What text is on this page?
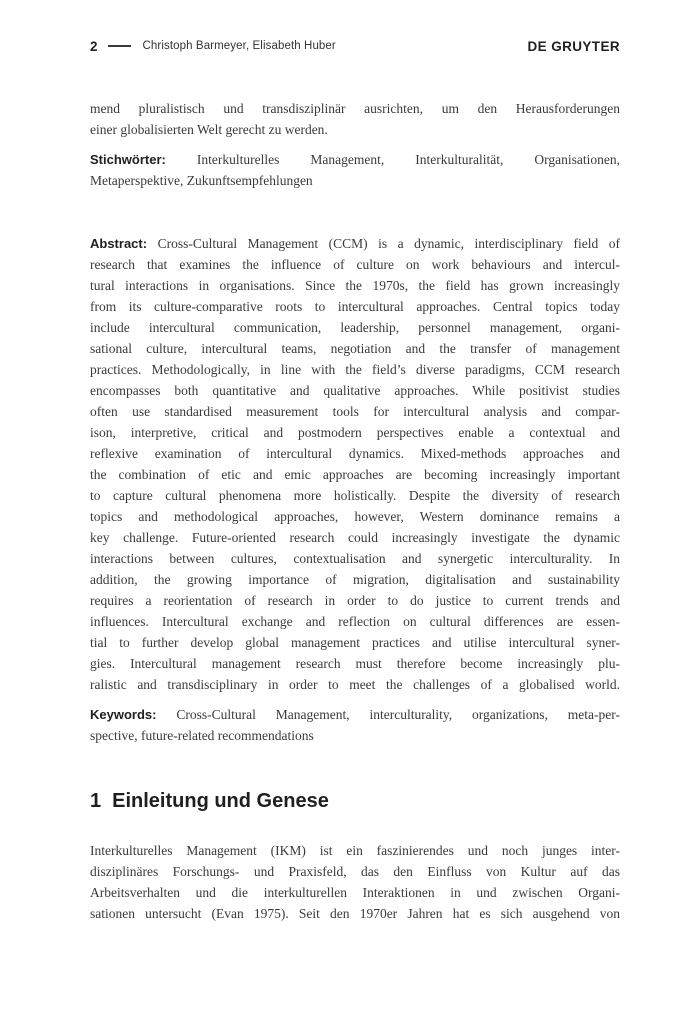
2	Christoph Barmeyer, Elisabeth Huber	DE GRUYTER
mend pluralistisch und transdisziplinär ausrichten, um den Herausforderungen
einer globalisierten Welt gerecht zu werden.
Stichwörter: Interkulturelles Management, Interkulturalität, Organisationen,
Metaperspektive, Zukunftsempfehlungen
Abstract: Cross-Cultural Management (CCM) is a dynamic, interdisciplinary field of
research that examines the influence of culture on work behaviours and intercul-
tural interactions in organisations. Since the 1970s, the field has grown increasingly
from its culture-comparative roots to intercultural approaches. Central topics today
include intercultural communication, leadership, personnel management, organi-
sational culture, intercultural teams, negotiation and the transfer of management
practices. Methodologically, in line with the field’s diverse paradigms, CCM research
encompasses both quantitative and qualitative approaches. While positivist studies
often use standardised measurement tools for intercultural analysis and compar-
ison, interpretive, critical and postmodern perspectives enable a contextual and
reflexive examination of intercultural dynamics. Mixed-methods approaches and
the combination of etic and emic approaches are becoming increasingly important
to capture cultural phenomena more holistically. Despite the diversity of research
topics and methodological approaches, however, Western dominance remains a
key challenge. Future-oriented research could increasingly investigate the dynamic
interactions between cultures, contextualisation and synergetic interculturality. In
addition, the growing importance of migration, digitalisation and sustainability
requires a reorientation of research in order to do justice to current trends and
influences. Intercultural exchange and reflection on cultural differences are essen-
tial to further develop global management practices and utilise intercultural syner-
gies. Intercultural management research must therefore become increasingly plu-
ralistic and transdisciplinary in order to meet the challenges of a globalised world.
Keywords: Cross-Cultural Management, interculturality, organizations, meta-per-
spective, future-related recommendations
1 Einleitung und Genese
Interkulturelles Management (IKM) ist ein faszinierendes und noch junges inter-
disziplinäres Forschungs- und Praxisfeld, das den Einfluss von Kultur auf das
Arbeitsverhalten und die interkulturellen Interaktionen in und zwischen Organi-
sationen untersucht (Evan 1975). Seit den 1970er Jahren hat es sich ausgehend von
